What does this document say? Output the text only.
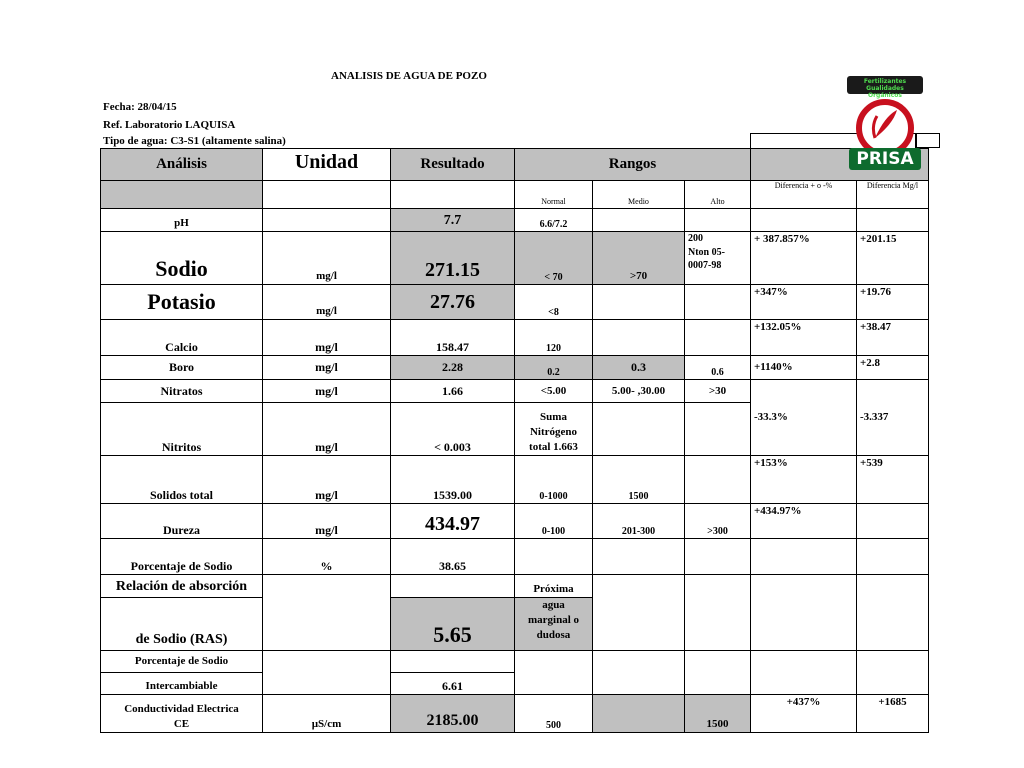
ANALISIS DE AGUA DE POZO
Fecha: 28/04/15
Ref. Laboratorio LAQUISA
Tipo de agua: C3-S1 (altamente salina)
Análisis	Unidad	Resultado	Rangos				
			Normal	Medio	Alto	Diferencia + o -%	Diferencia Mg/l
pH		7.7	6.6/7.2				
Sodio	mg/l	271.15	< 70	>70	200
Nton 05-
0007-98	+ 387.857%	+201.15
Potasio	mg/l	27.76	<8			+347%	+19.76
Calcio	mg/l	158.47	120			+132.05%	+38.47
Boro	mg/l	2.28	0.2	0.3	0.6	+1140%	+2.8
Nitratos	mg/l	1.66	<5.00	5.00- ,30.00	>30	-33.3%	-3.337
Nitritos	mg/l	< 0.003	Suma
Nitrógeno
total 1.663				
Solidos total	mg/l	1539.00	0-1000	1500		+153%	+539
Dureza	mg/l	434.97	0-100	201-300	>300	+434.97%	
Porcentaje de Sodio	%	38.65					
Relación de absorción			Próxima				
de Sodio (RAS)		5.65	agua
marginal o
dudosa				
Porcentaje de Sodio							
Intercambiable		6.61					
Conductividad Electrica
CE	µS/cm	2185.00	500		1500	+437%	+1685
Fertilizantes Gualidades Orgánicos
PRISA
